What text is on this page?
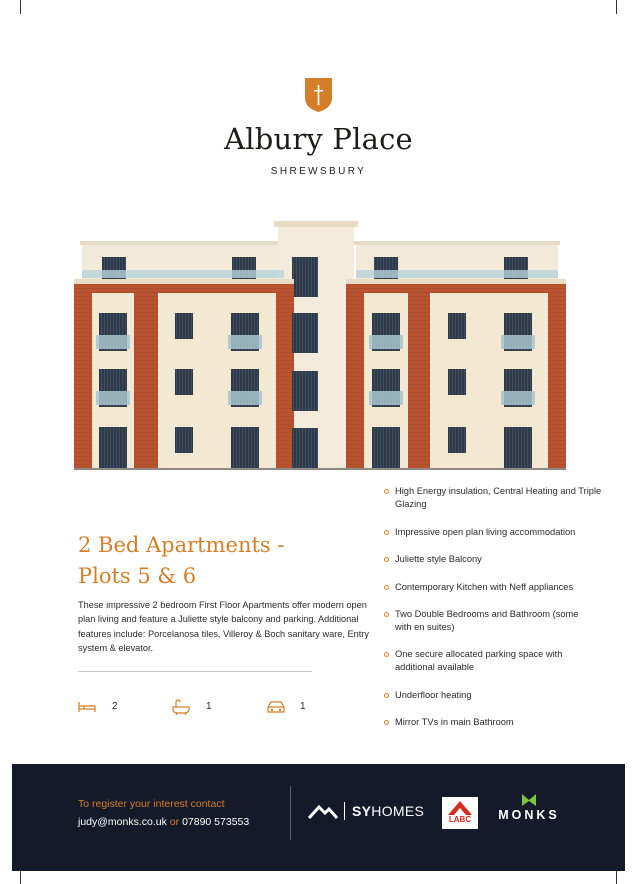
Albury Place
SHREWSBURY
2 Bed Apartments -
Plots 5 & 6
These impressive 2 bedroom First Floor Apartments offer modern open plan living and feature a Juliette style balcony and parking. Additional features include: Porcelanosa tiles, Villeroy & Boch sanitary ware, Entry system & elevator.
2	1	1
High Energy insulation, Central Heating and Triple Glazing
Impressive open plan living accommodation
Juliette style Balcony
Contemporary Kitchen with Neff appliances
Two Double Bedrooms and Bathroom (some with en suites)
One secure allocated parking space with additional available
Underfloor heating
Mirror TVs in main Bathroom
To register your interest contact
judy@monks.co.uk or 07890 573553
SYHOMES
LABC	MONKS
